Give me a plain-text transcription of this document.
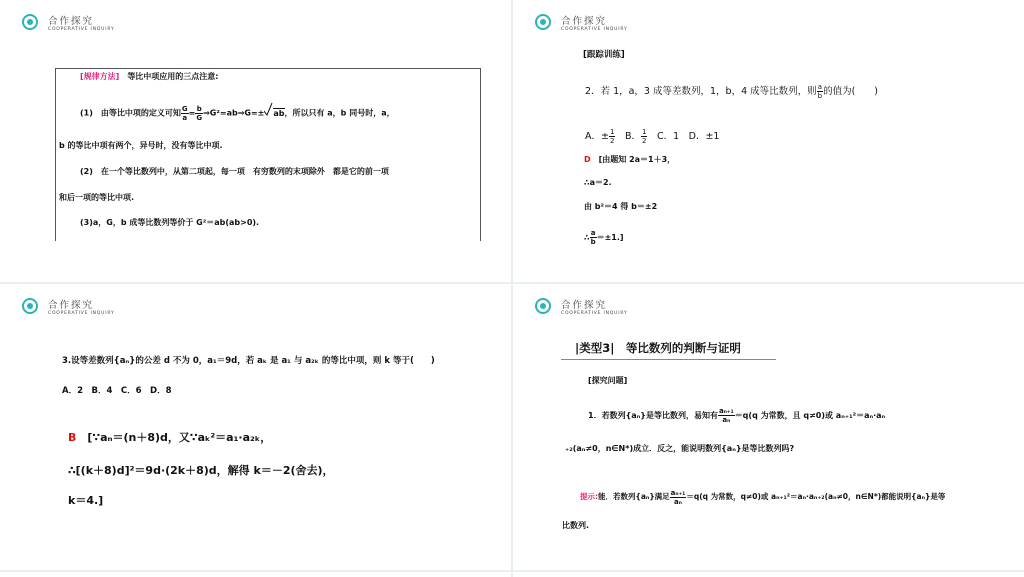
合作探究
COOPERATIVE INQUIRY
[规律方法]　 等比中项应用的三点注意:
(1)　由等比中项的定义可知 $\frac{G}{a} = \frac{b}{G}$ ⇒G²=ab⇒G=± ab，所以只有 a，b 同号时，a，
b 的等比中项有两个，异号时，没有等比中项.
(2)　在一个等比数列中，从第二项起，每一项　有穷数列的末项除外　都是它的前一项
和后一项的等比中项.
(3)a，G，b 成等比数列等价于 G²＝ab(ab>0).
合作探究
COOPERATIVE INQUIRY
[跟踪训练]
2．若 1，a，3 成等差数列，1，b，4 成等比数列，则 $\frac{a}{b}$ 的值为(　　)
A．± $\frac{1}{2}$
　 B． $\frac{1}{2}$
　 C．1　D．±1
D　 [由题知 2a＝1＋3，
∴a＝2.
由 b²＝4 得 b＝±2
∴ $\frac{a}{b} =\pm 1$.]
合作探究
COOPERATIVE INQUIRY
3.设等差数列{aₙ}的公差 d 不为 0，a₁＝9d，若 aₖ 是 a₁ 与 a₂ₖ 的等比中项，则 k 等于(　　)
A．2　B．4　C．6　D．8
B　 [∵aₙ＝(n＋8)d，又∵aₖ²＝a₁·a₂ₖ，
∴[(k＋8)d]²＝9d·(2k＋8)d，解得 k＝－2(舍去)，
k＝4.]
合作探究
COOPERATIVE INQUIRY
|类型3|　等比数列的判断与证明
[探究问题]
1．若数列{aₙ}是等比数列，易知有 $\frac{\text{aₙ₊₁}}{\text{aₙ}} =q(q$ 为常数，且 q≠0)或 aₙ₊₁²＝aₙ·aₙ
₊₂(aₙ≠0，n∈N*)成立．反之，能说明数列{aₙ}是等比数列吗?
提示:能．若数列{aₙ}满足 $\frac{\text{aₙ₊₁}}{\text{aₙ}} =q(q$ 为常数，q≠0)或 aₙ₊₁²＝aₙ·aₙ₊₂(aₙ≠0，n∈N*)都能说明{aₙ}是等
比数列.
